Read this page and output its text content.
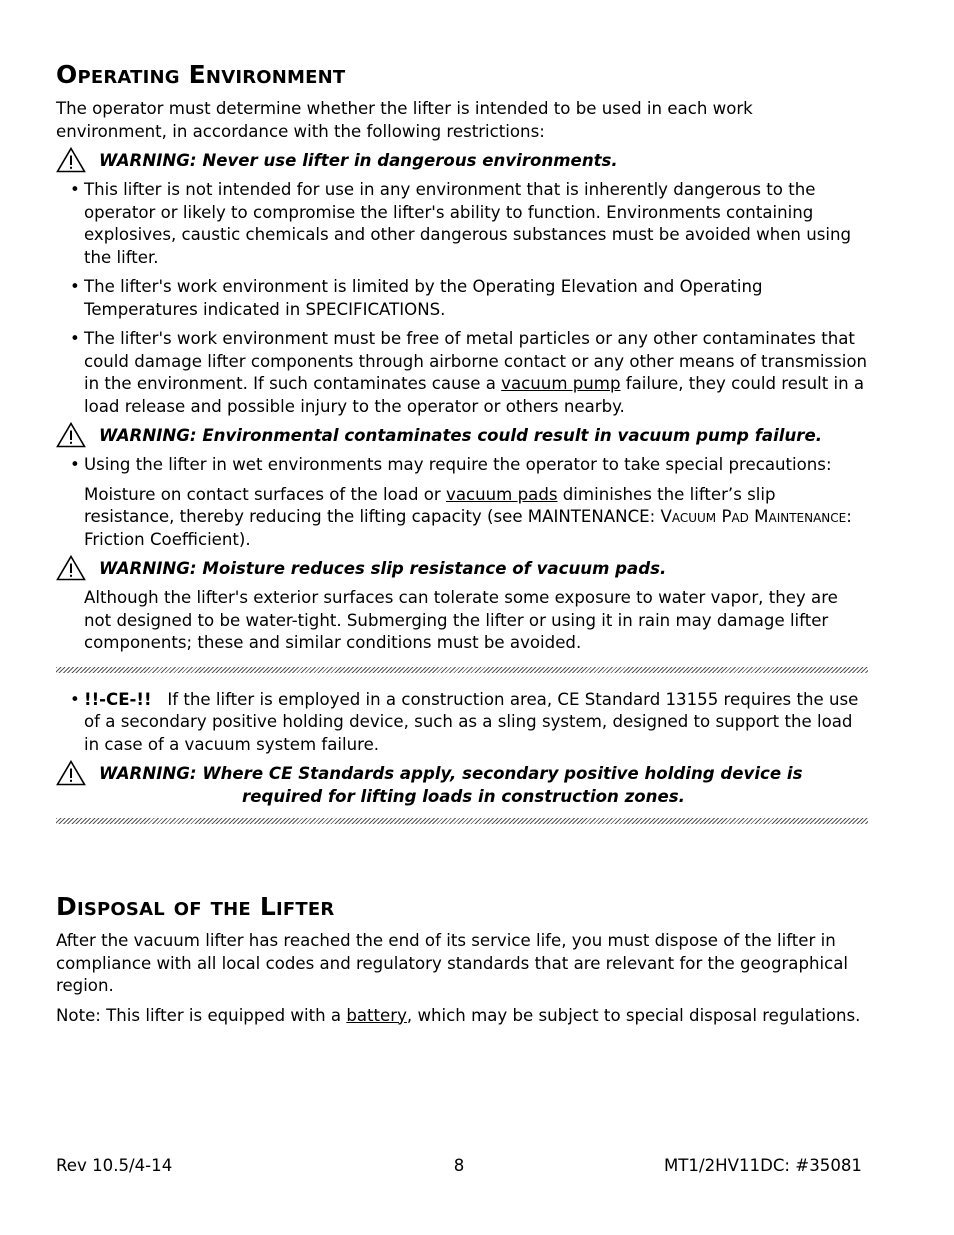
Operating Environment

The operator must determine whether the lifter is intended to be used in each work environment, in accordance with the following restrictions:

WARNING: Never use lifter in dangerous environments.

• This lifter is not intended for use in any environment that is inherently dangerous to the operator or likely to compromise the lifter's ability to function. Environments containing explosives, caustic chemicals and other dangerous substances must be avoided when using the lifter.

• The lifter's work environment is limited by the Operating Elevation and Operating Temperatures indicated in SPECIFICATIONS.

• The lifter's work environment must be free of metal particles or any other contaminates that could damage lifter components through airborne contact or any other means of transmission in the environment. If such contaminates cause a vacuum pump failure, they could result in a load release and possible injury to the operator or others nearby.

WARNING: Environmental contaminates could result in vacuum pump failure.

• Using the lifter in wet environments may require the operator to take special precautions:

Moisture on contact surfaces of the load or vacuum pads diminishes the lifter’s slip resistance, thereby reducing the lifting capacity (see MAINTENANCE: Vacuum Pad Maintenance: Friction Coefficient).

WARNING: Moisture reduces slip resistance of vacuum pads.

Although the lifter's exterior surfaces can tolerate some exposure to water vapor, they are not designed to be water-tight. Submerging the lifter or using it in rain may damage lifter components; these and similar conditions must be avoided.

• !!-CE-!!   If the lifter is employed in a construction area, CE Standard 13155 requires the use of a secondary positive holding device, such as a sling system, designed to support the load in case of a vacuum system failure.

WARNING: Where CE Standards apply, secondary positive holding device is
required for lifting loads in construction zones.
Disposal of the Lifter

After the vacuum lifter has reached the end of its service life, you must dispose of the lifter in compliance with all local codes and regulatory standards that are relevant for the geographical region.

Note: This lifter is equipped with a battery, which may be subject to special disposal regulations.

Rev 10.5/4-14	8	MT1/2HV11DC: #35081
